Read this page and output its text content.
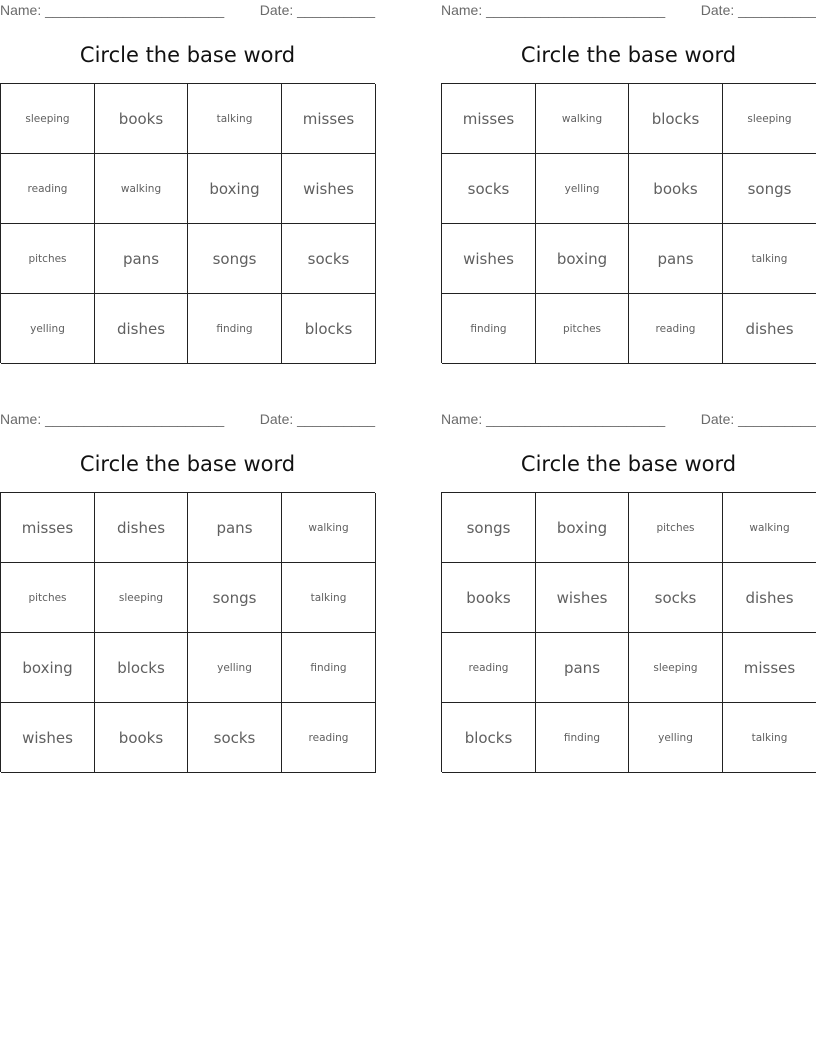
Name: _______________________	Date: __________
Circle the base word
sleeping	books	talking	misses
reading	walking	boxing	wishes
pitches	pans	songs	socks
yelling	dishes	finding	blocks
Name: _______________________	Date: __________
Circle the base word
misses	walking	blocks	sleeping
socks	yelling	books	songs
wishes	boxing	pans	talking
finding	pitches	reading	dishes
Name: _______________________	Date: __________
Circle the base word
misses	dishes	pans	walking
pitches	sleeping	songs	talking
boxing	blocks	yelling	finding
wishes	books	socks	reading
Name: _______________________	Date: __________
Circle the base word
songs	boxing	pitches	walking
books	wishes	socks	dishes
reading	pans	sleeping	misses
blocks	finding	yelling	talking
